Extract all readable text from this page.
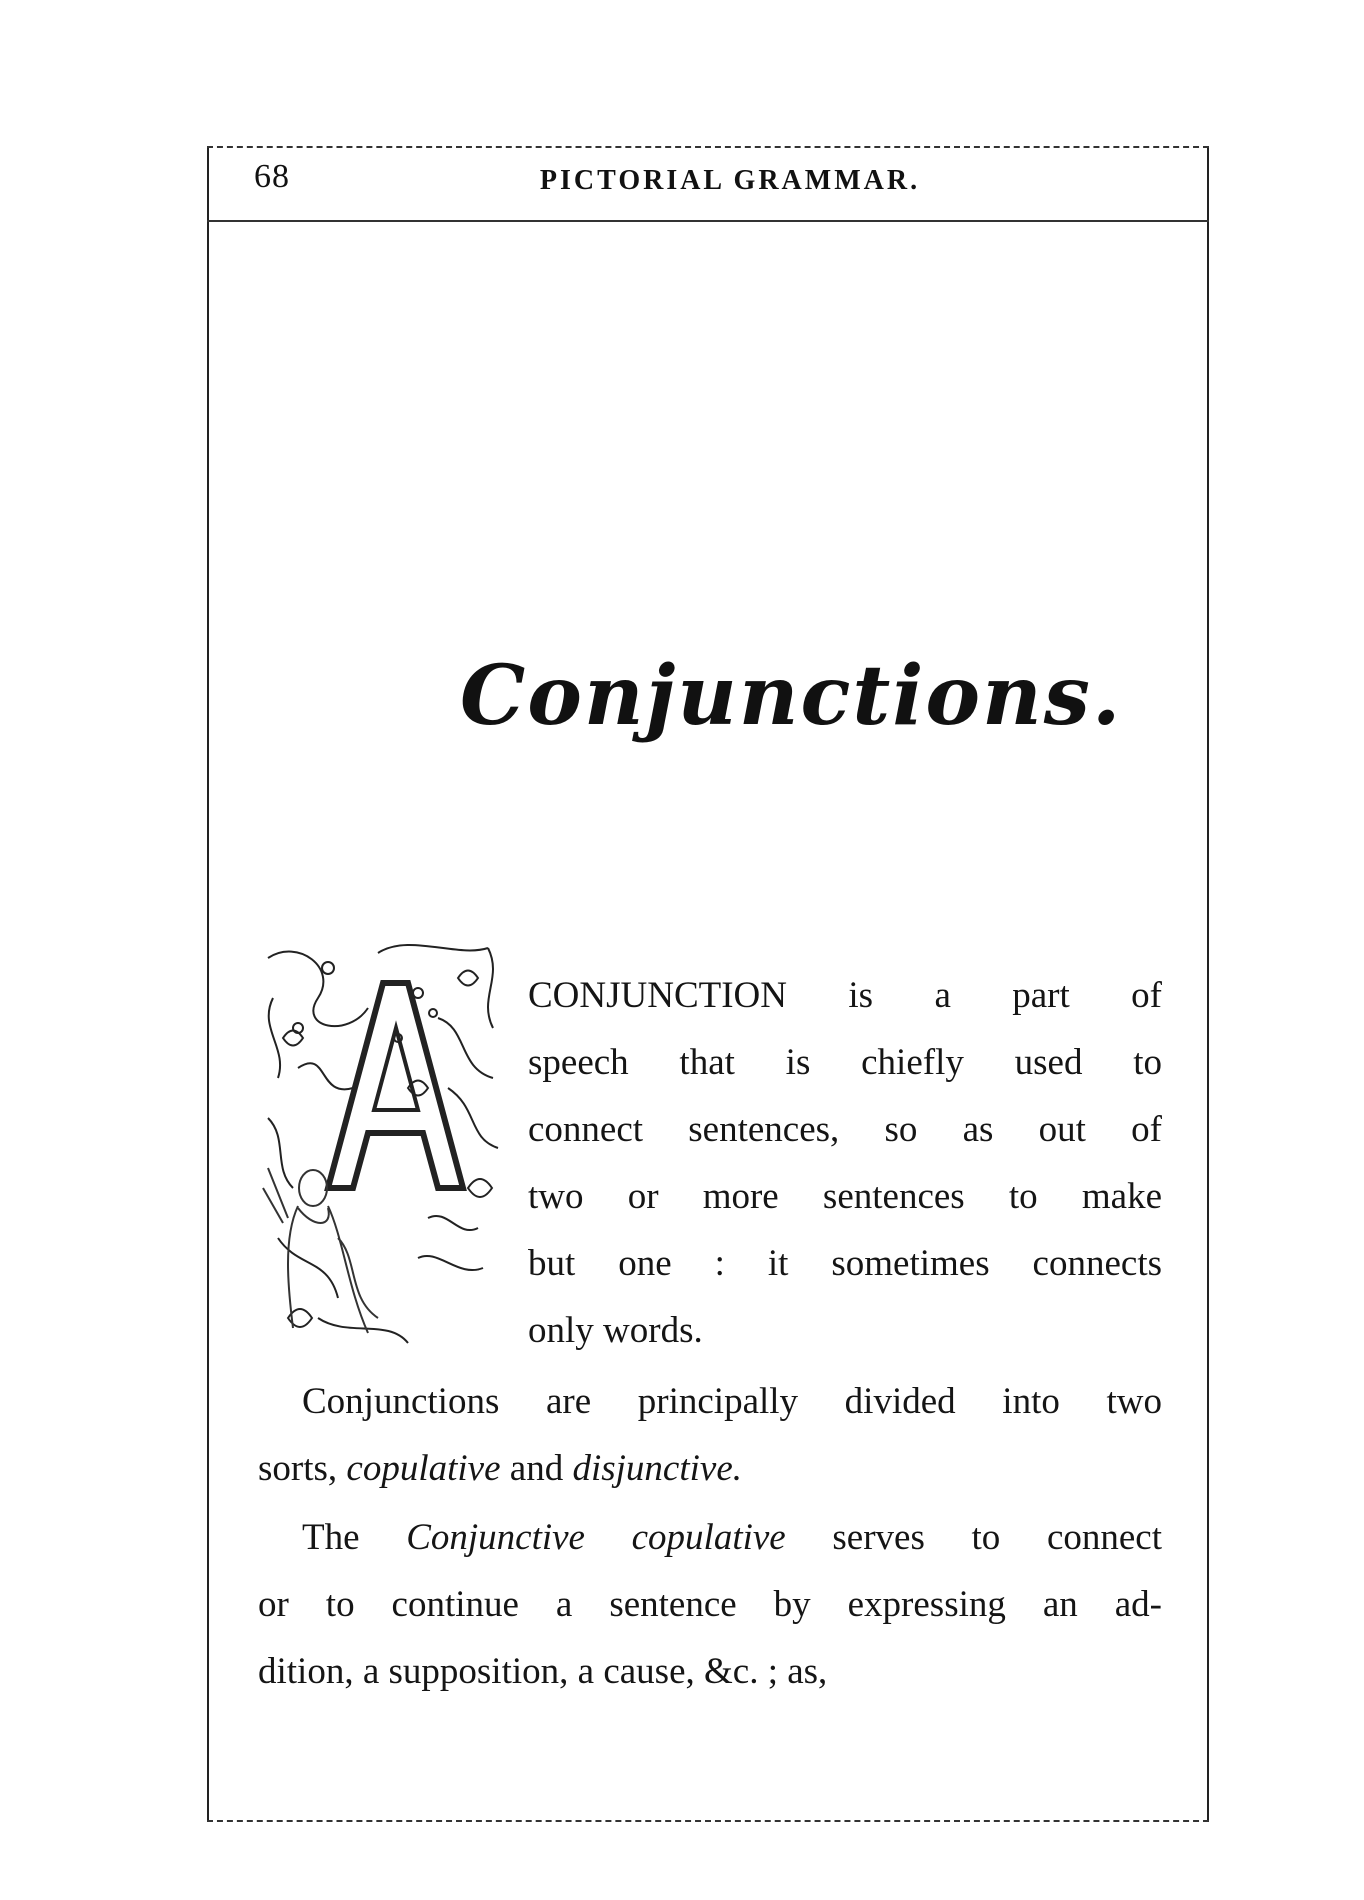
68	PICTORIAL GRAMMAR.
Conjunctions.
CONJUNCTION is a part of
speech that is chiefly used to
connect sentences, so as out of
two or more sentences to make
but one : it sometimes connects
only words.
Conjunctions are principally divided into two
sorts, copulative and disjunctive.
The Conjunctive copulative serves to connect
or to continue a sentence by expressing an ad-
dition, a supposition, a cause, &c. ; as,
